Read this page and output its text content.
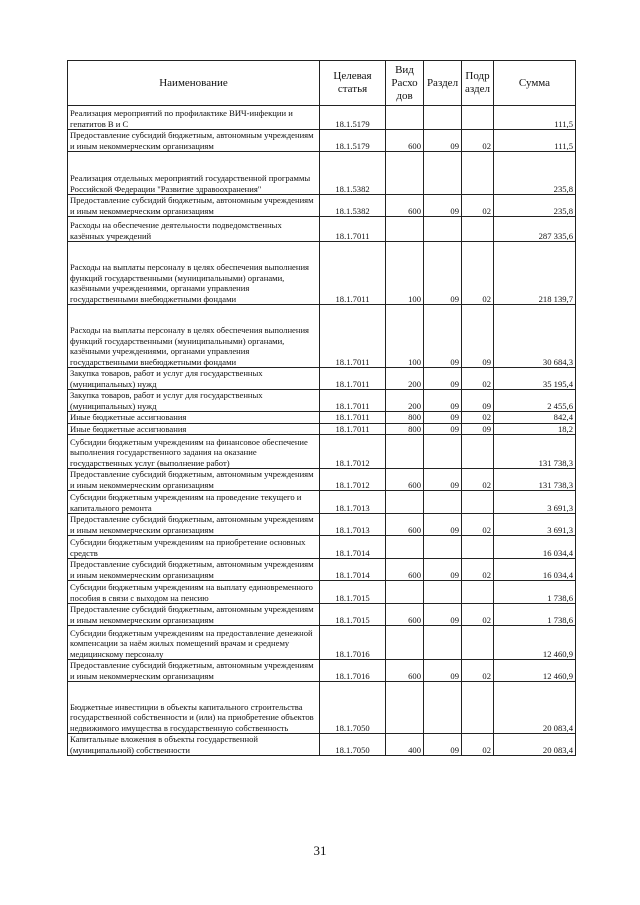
Наименование	Целевая статья	Вид Расхо дов	Раздел	Подр аздел	Сумма
Реализация мероприятий по профилактике ВИЧ-инфекции и гепатитов В и С	18.1.5179				111,5
Предоставление субсидий бюджетным, автономным учреждениям и иным некоммерческим организациям	18.1.5179	600	09	02	111,5
Реализация отдельных мероприятий государственной программы Российской Федерации "Развитие здравоохранения"	18.1.5382				235,8
Предоставление субсидий бюджетным, автономным учреждениям и иным некоммерческим организациям	18.1.5382	600	09	02	235,8
Расходы на обеспечение деятельности подведомственных казённых учреждений	18.1.7011				287 335,6
Расходы на выплаты персоналу в целях обеспечения выполнения функций государственными (муниципальными) органами, казёнными учреждениями, органами управления государственными внебюджетными фондами	18.1.7011	100	09	02	218 139,7
Расходы на выплаты персоналу в целях обеспечения выполнения функций государственными (муниципальными) органами, казёнными учреждениями, органами управления государственными внебюджетными фондами	18.1.7011	100	09	09	30 684,3
Закупка товаров, работ и услуг для государственных (муниципальных) нужд	18.1.7011	200	09	02	35 195,4
Закупка товаров, работ и услуг для государственных (муниципальных) нужд	18.1.7011	200	09	09	2 455,6
Иные бюджетные ассигнования	18.1.7011	800	09	02	842,4
Иные бюджетные ассигнования	18.1.7011	800	09	09	18,2
Субсидии бюджетным учреждениям на финансовое обеспечение выполнения государственного задания на оказание государственных услуг (выполнение работ)	18.1.7012				131 738,3
Предоставление субсидий бюджетным, автономным учреждениям и иным некоммерческим организациям	18.1.7012	600	09	02	131 738,3
Субсидии бюджетным учреждениям на проведение текущего и капитального ремонта	18.1.7013				3 691,3
Предоставление субсидий бюджетным, автономным учреждениям и иным некоммерческим организациям	18.1.7013	600	09	02	3 691,3
Субсидии бюджетным учреждениям на приобретение основных средств	18.1.7014				16 034,4
Предоставление субсидий бюджетным, автономным учреждениям и иным некоммерческим организациям	18.1.7014	600	09	02	16 034,4
Субсидии бюджетным учреждениям на выплату единовременного пособия в связи с выходом на пенсию	18.1.7015				1 738,6
Предоставление субсидий бюджетным, автономным учреждениям и иным некоммерческим организациям	18.1.7015	600	09	02	1 738,6
Субсидии бюджетным учреждениям на предоставление денежной компенсации за наём жилых помещений врачам и среднему медицинскому персоналу	18.1.7016				12 460,9
Предоставление субсидий бюджетным, автономным учреждениям и иным некоммерческим организациям	18.1.7016	600	09	02	12 460,9
Бюджетные инвестиции в объекты капитального строительства государственной собственности и (или) на приобретение объектов недвижимого имущества в государственную собственность	18.1.7050				20 083,4
Капитальные вложения в объекты государственной (муниципальной) собственности	18.1.7050	400	09	02	20 083,4
31
